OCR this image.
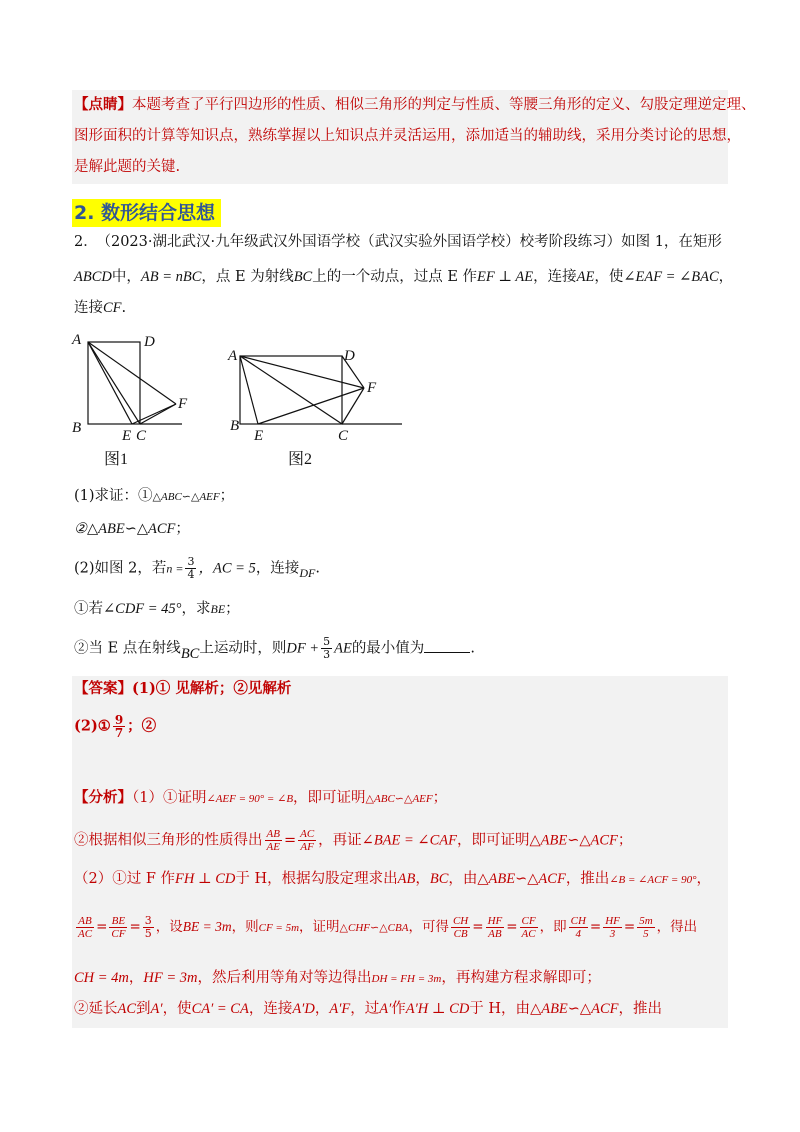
【点睛】本题考查了平行四边形的性质、相似三角形的判定与性质、等腰三角形的定义、勾股定理逆定理、
图形面积的计算等知识点，熟练掌握以上知识点并灵活运用，添加适当的辅助线，采用分类讨论的思想，
是解此题的关键.
2. 数形结合思想
2． （2023·湖北武汉·九年级武汉外国语学校（武汉实验外国语学校）校考阶段练习）如图 1，在矩形
ABCD中，AB = nBC，点 E 为射线BC上的一个动点，过点 E 作EF ⊥ AE，连接AE，使∠EAF = ∠BAC，
连接CF.
A	D
B	E C
F
A	D
F
B
E	C
图1	图2
(1)求证：①△ABC∽△AEF；
②△ABE∽△ACF；
(2)如图 2，若$n = \frac{3}{4}$ ，AC = 5，连接$_{DF}$.
①若∠CDF = 45°，求BE；
②当 E 点在射线BC上运动时，则DF + $\frac{5}{3}$ AE的最小值为	.
【答案】(1)① 见解析；②见解析
(2)① $\frac{9}{7}$ ；②
【分析】（1）①证明∠AEF = 90° = ∠B，即可证明△ABC∽△AEF；
②根据相似三角形的性质得出 $\frac{AB}{AE} = \frac{AC}{AF}$ ，再证∠BAE = ∠CAF，即可证明△ABE∽△ACF；
（2）①过 F 作FH ⊥ CD于 H，根据勾股定理求出AB，BC，由△ABE∽△ACF，推出∠B = ∠ACF = 90°，
$\frac{AB}{AC} = \frac{BE}{CF} = \frac{3}{5}$ ，设BE = 3m，则CF = 5m，证明△CHF∽△CBA，可得 $\frac{CH}{CB} = \frac{HF}{AB} = \frac{CF}{AC}$ ，即 $\frac{CH}{4} = \frac{HF}{3} = \frac{5m}{5}$ ，得出
CH = 4m，HF = 3m，然后利用等角对等边得出DH = FH = 3m，再构建方程求解即可；
②延长AC到A′，使CA′ = CA，连接A′D，A′F，过A′作A′H ⊥ CD于 H，由△ABE∽△ACF，推出
